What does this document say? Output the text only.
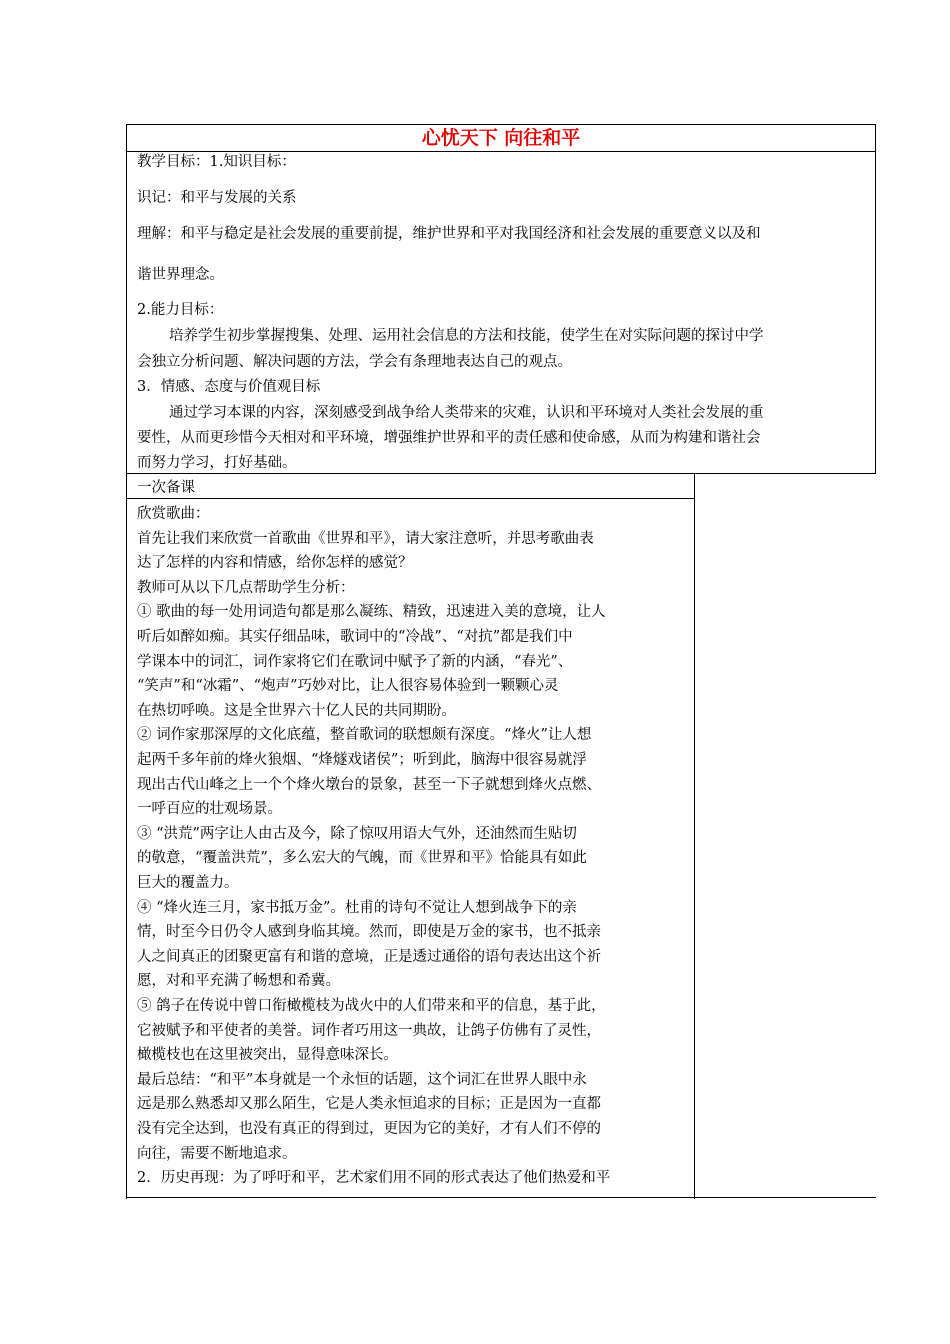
心忧天下 向往和平
教学目标：1.知识目标：
识记：和平与发展的关系
理解：和平与稳定是社会发展的重要前提，维护世界和平对我国经济和社会发展的重要意义以及和
谐世界理念。
2.能力目标：
培养学生初步掌握搜集、处理、运用社会信息的方法和技能，使学生在对实际问题的探讨中学
会独立分析问题、解决问题的方法，学会有条理地表达自己的观点。
3．情感、态度与价值观目标
通过学习本课的内容，深刻感受到战争给人类带来的灾难，认识和平环境对人类社会发展的重
要性，从而更珍惜今天相对和平环境，增强维护世界和平的责任感和使命感，从而为构建和谐社会
而努力学习，打好基础。
一次备课
欣赏歌曲：
首先让我们来欣赏一首歌曲《世界和平》，请大家注意听，并思考歌曲表
达了怎样的内容和情感，给你怎样的感觉？
教师可从以下几点帮助学生分析：
① 歌曲的每一处用词造句都是那么凝练、精致，迅速进入美的意境，让人
听后如醉如痴。其实仔细品味，歌词中的“冷战”、“对抗”都是我们中
学课本中的词汇，词作家将它们在歌词中赋予了新的内涵，“春光”、
“笑声”和“冰霜”、“炮声”巧妙对比，让人很容易体验到一颗颗心灵
在热切呼唤。这是全世界六十亿人民的共同期盼。
② 词作家那深厚的文化底蕴，整首歌词的联想颇有深度。“烽火”让人想
起两千多年前的烽火狼烟、“烽燧戏诸侯”；听到此，脑海中很容易就浮
现出古代山峰之上一个个烽火墩台的景象，甚至一下子就想到烽火点燃、
一呼百应的壮观场景。
③ “洪荒”两字让人由古及今，除了惊叹用语大气外，还油然而生贴切
的敬意，“覆盖洪荒”，多么宏大的气魄，而《世界和平》恰能具有如此
巨大的覆盖力。
④ “烽火连三月，家书抵万金”。杜甫的诗句不觉让人想到战争下的亲
情，时至今日仍令人感到身临其境。然而，即使是万金的家书，也不抵亲
人之间真正的团聚更富有和谐的意境，正是透过通俗的语句表达出这个祈
愿，对和平充满了畅想和希冀。
⑤ 鸽子在传说中曾口衔橄榄枝为战火中的人们带来和平的信息，基于此，
它被赋予和平使者的美誉。词作者巧用这一典故，让鸽子仿佛有了灵性，
橄榄枝也在这里被突出，显得意味深长。
最后总结：“和平”本身就是一个永恒的话题，这个词汇在世界人眼中永
远是那么熟悉却又那么陌生，它是人类永恒追求的目标；正是因为一直都
没有完全达到，也没有真正的得到过，更因为它的美好，才有人们不停的
向往，需要不断地追求。
2．历史再现：为了呼吁和平，艺术家们用不同的形式表达了他们热爱和平
